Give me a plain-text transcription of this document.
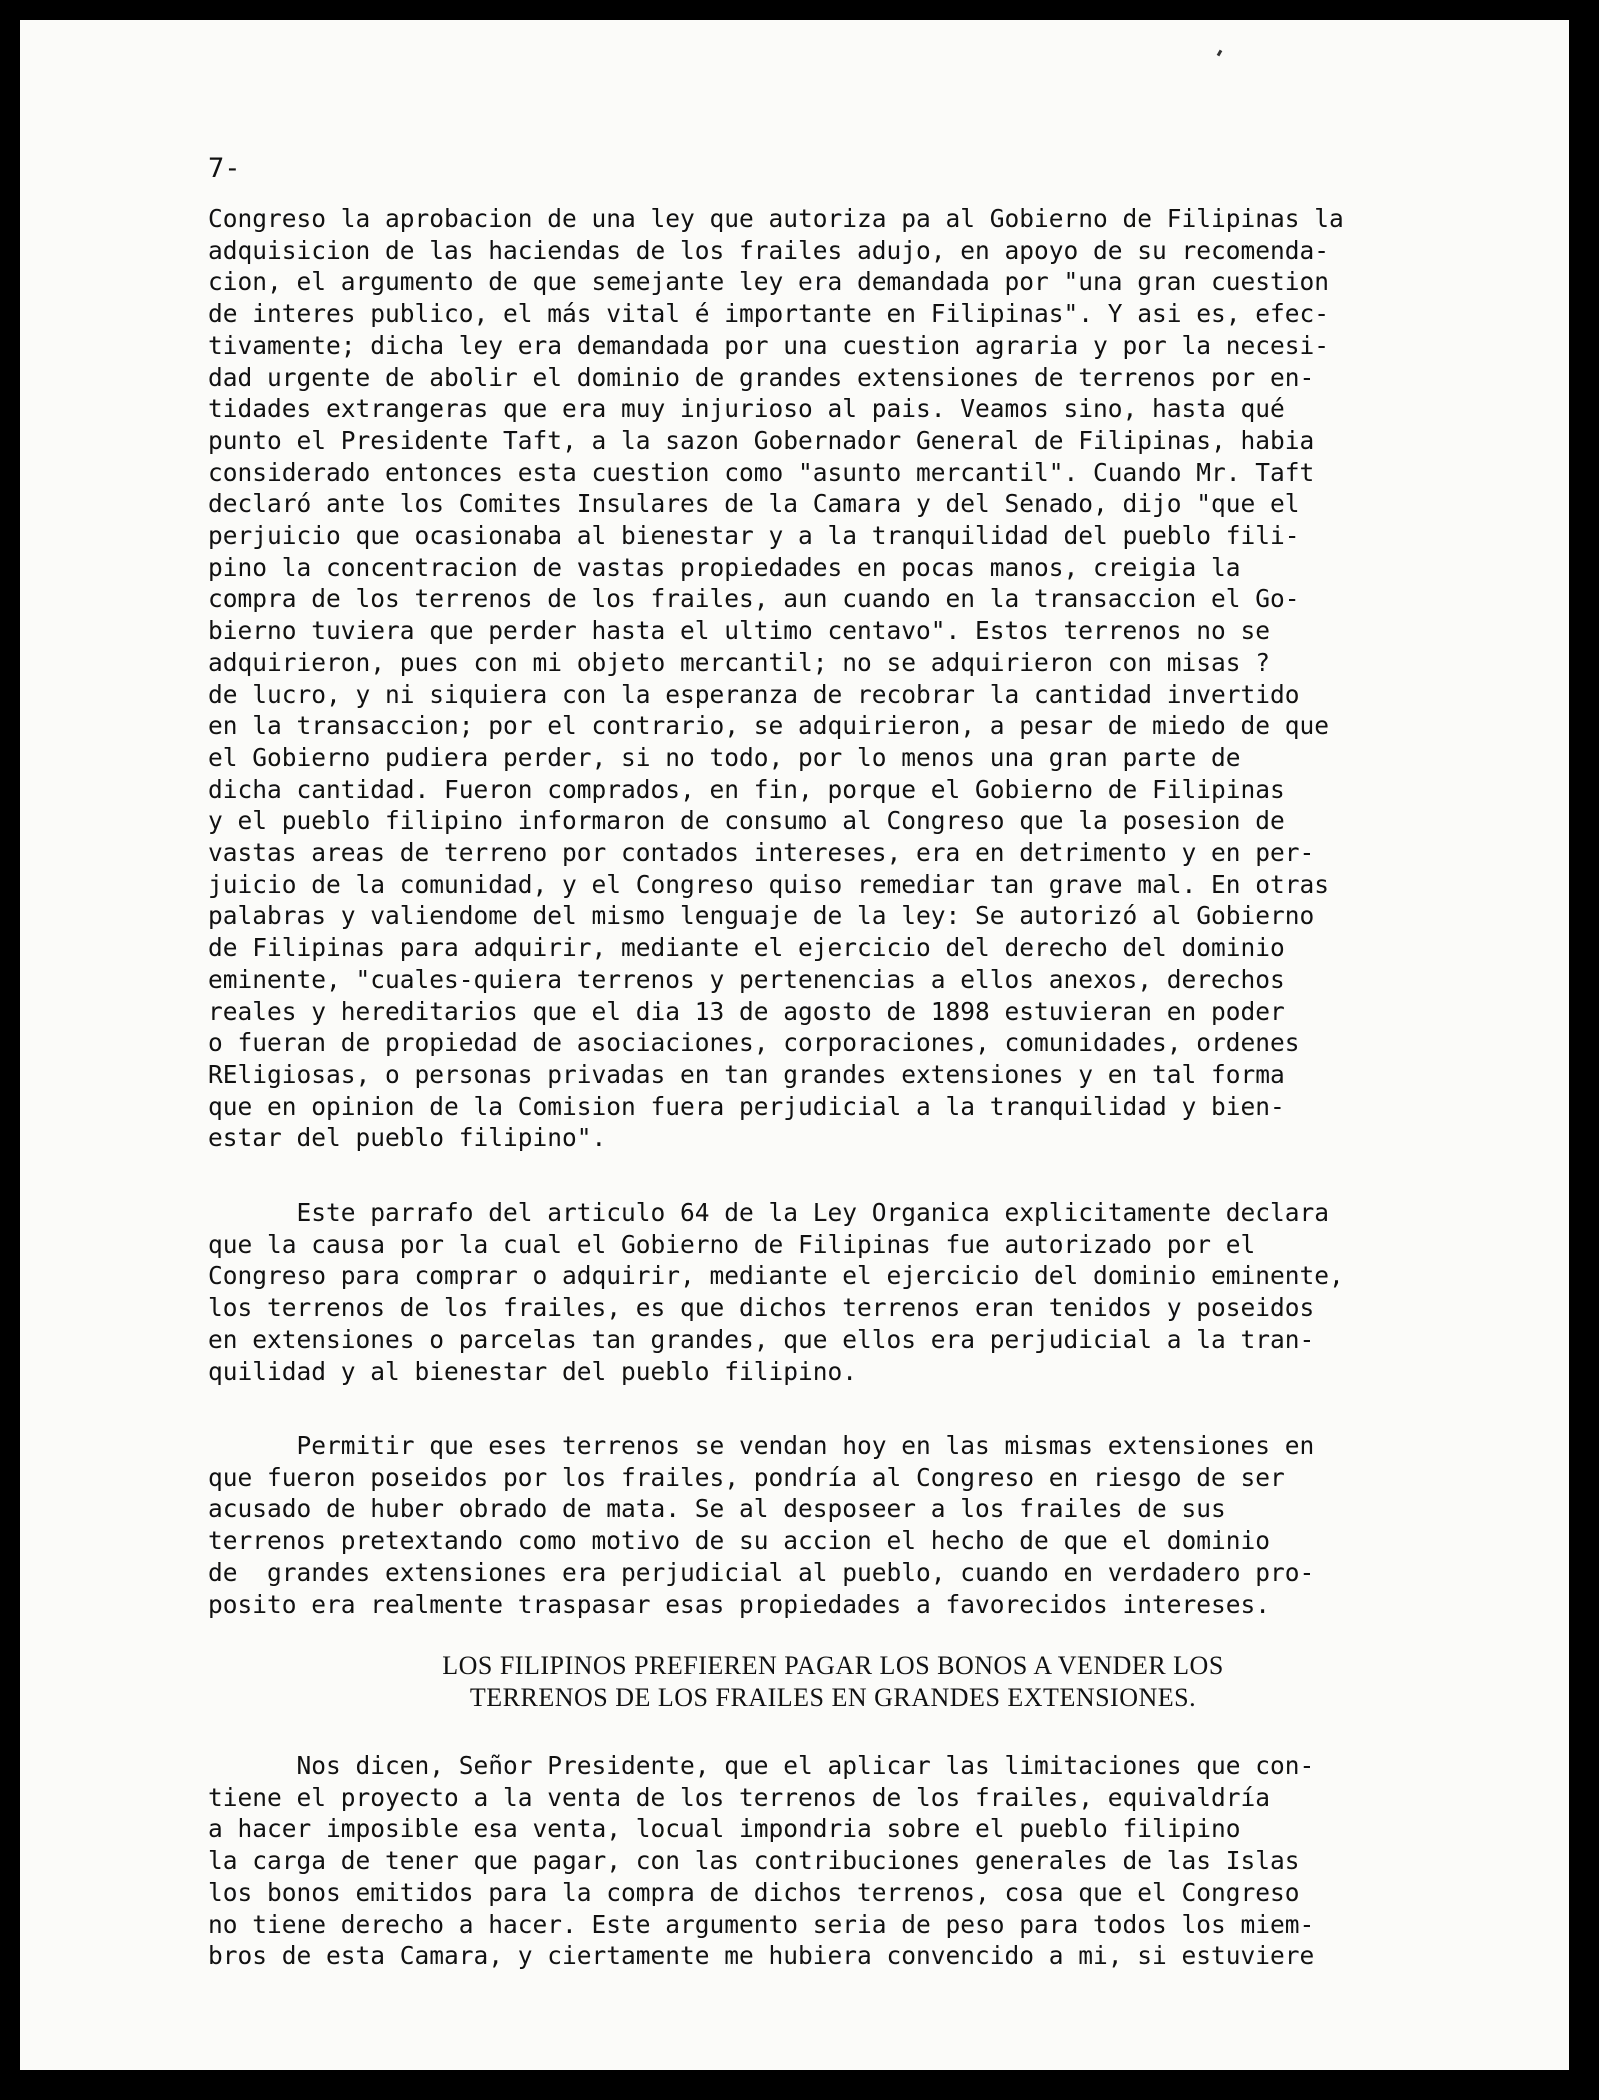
7-

Congreso la aprobacion de una ley que autoriza pa al Gobierno de Filipinas la
adquisicion de las haciendas de los frailes adujo, en apoyo de su recomenda-
cion, el argumento de que semejante ley era demandada por "una gran cuestion
de interes publico, el más vital é importante en Filipinas". Y asi es, efec-
tivamente; dicha ley era demandada por una cuestion agraria y por la necesi-
dad urgente de abolir el dominio de grandes extensiones de terrenos por en-
tidades extrangeras que era muy injurioso al pais. Veamos sino, hasta qué
punto el Presidente Taft, a la sazon Gobernador General de Filipinas, habia
considerado entonces esta cuestion como "asunto mercantil". Cuando Mr. Taft
declaró ante los Comites Insulares de la Camara y del Senado, dijo "que el
perjuicio que ocasionaba al bienestar y a la tranquilidad del pueblo fili-
pino la concentracion de vastas propiedades en pocas manos, creigia la
compra de los terrenos de los frailes, aun cuando en la transaccion el Go-
bierno tuviera que perder hasta el ultimo centavo". Estos terrenos no se
adquirieron, pues con mi objeto mercantil; no se adquirieron con misas ?
de lucro, y ni siquiera con la esperanza de recobrar la cantidad invertido
en la transaccion; por el contrario, se adquirieron, a pesar de miedo de que
el Gobierno pudiera perder, si no todo, por lo menos una gran parte de
dicha cantidad. Fueron comprados, en fin, porque el Gobierno de Filipinas
y el pueblo filipino informaron de consumo al Congreso que la posesion de
vastas areas de terreno por contados intereses, era en detrimento y en per-
juicio de la comunidad, y el Congreso quiso remediar tan grave mal. En otras
palabras y valiendome del mismo lenguaje de la ley: Se autorizó al Gobierno
de Filipinas para adquirir, mediante el ejercicio del derecho del dominio
eminente, "cuales-quiera terrenos y pertenencias a ellos anexos, derechos
reales y hereditarios que el dia 13 de agosto de 1898 estuvieran en poder
o fueran de propiedad de asociaciones, corporaciones, comunidades, ordenes
REligiosas, o personas privadas en tan grandes extensiones y en tal forma
que en opinion de la Comision fuera perjudicial a la tranquilidad y bien-
estar del pueblo filipino".

Este parrafo del articulo 64 de la Ley Organica explicitamente declara
que la causa por la cual el Gobierno de Filipinas fue autorizado por el
Congreso para comprar o adquirir, mediante el ejercicio del dominio eminente,
los terrenos de los frailes, es que dichos terrenos eran tenidos y poseidos
en extensiones o parcelas tan grandes, que ellos era perjudicial a la tran-
quilidad y al bienestar del pueblo filipino.

Permitir que eses terrenos se vendan hoy en las mismas extensiones en
que fueron poseidos por los frailes, pondría al Congreso en riesgo de ser
acusado de huber obrado de mata. Se al desposeer a los frailes de sus
terrenos pretextando como motivo de su accion el hecho de que el dominio
de  grandes extensiones era perjudicial al pueblo, cuando en verdadero pro-
posito era realmente traspasar esas propiedades a favorecidos intereses.

LOS FILIPINOS PREFIEREN PAGAR LOS BONOS A VENDER LOS
TERRENOS DE LOS FRAILES EN GRANDES EXTENSIONES.

Nos dicen, Señor Presidente, que el aplicar las limitaciones que con-
tiene el proyecto a la venta de los terrenos de los frailes, equivaldría
a hacer imposible esa venta, locual impondria sobre el pueblo filipino
la carga de tener que pagar, con las contribuciones generales de las Islas
los bonos emitidos para la compra de dichos terrenos, cosa que el Congreso
no tiene derecho a hacer. Este argumento seria de peso para todos los miem-
bros de esta Camara, y ciertamente me hubiera convencido a mi, si estuviere
